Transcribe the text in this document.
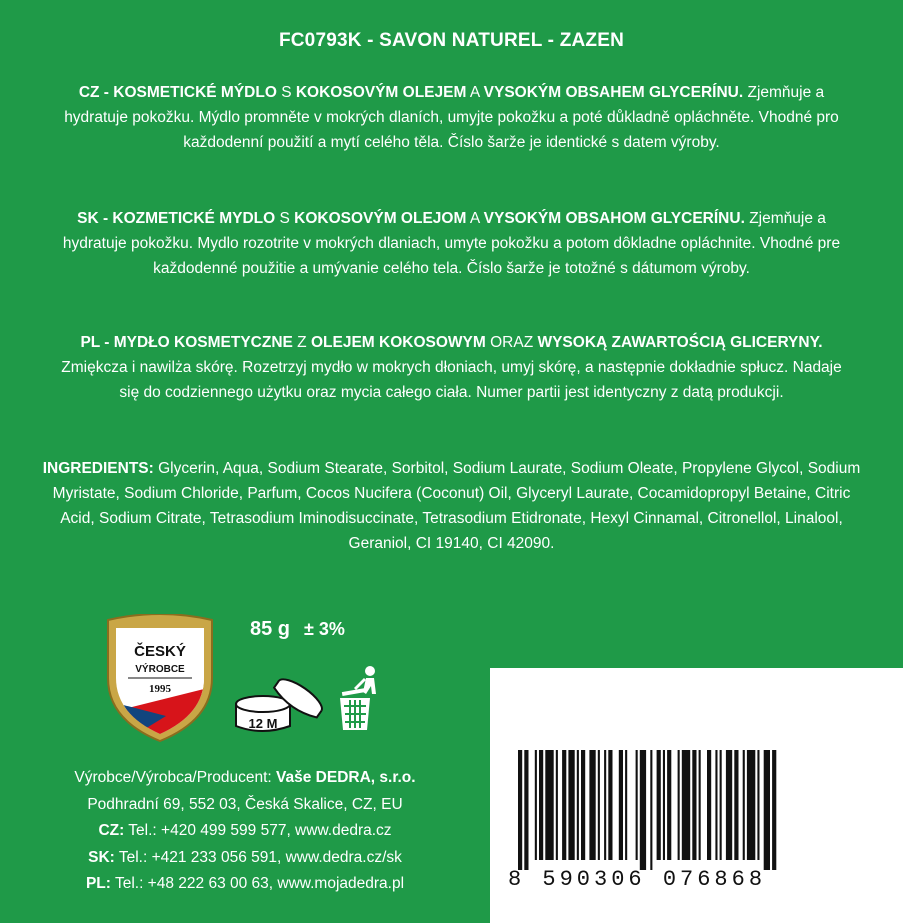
FC0793K - SAVON NATUREL - ZAZEN
CZ - KOSMETICKÉ MÝDLO S KOKOSOVÝM OLEJEM A VYSOKÝM OBSAHEM GLYCERÍNU. Zjemňuje a hydratuje pokožku. Mýdlo promněte v mokrých dlaních, umyjte pokožku a poté důkladně opláchněte. Vhodné pro každodenní použití a mytí celého těla. Číslo šarže je identické s datem výroby.
SK - KOZMETICKÉ MYDLO S KOKOSOVÝM OLEJOM A VYSOKÝM OBSAHOM GLYCERÍNU. Zjemňuje a hydratuje pokožku. Mydlo rozotrite v mokrých dlaniach, umyte pokožku a potom dôkladne opláchnite. Vhodné pre každodenné použitie a umývanie celého tela. Číslo šarže je totožné s dátumom výroby.
PL - MYDŁO KOSMETYCZNE Z OLEJEM KOKOSOWYM ORAZ WYSOKĄ ZAWARTOŚCIĄ GLICERYNY. Zmiękcza i nawilża skórę. Rozetrzyj mydło w mokrych dłoniach, umyj skórę, a następnie dokładnie spłucz. Nadaje się do codziennego użytku oraz mycia całego ciała. Numer partii jest identyczny z datą produkcji.
INGREDIENTS: Glycerin, Aqua, Sodium Stearate, Sorbitol, Sodium Laurate, Sodium Oleate, Propylene Glycol, Sodium Myristate, Sodium Chloride, Parfum, Cocos Nucifera (Coconut) Oil, Glyceryl Laurate, Cocamidopropyl Betaine, Citric Acid, Sodium Citrate, Tetrasodium Iminodisuccinate, Tetrasodium Etidronate, Hexyl Cinnamal, Citronellol, Linalool, Geraniol, CI 19140, CI 42090.
ČESKÝ
VÝROBCE
1995
85 g ± 3%
12 M
Výrobce/Výrobca/Producent: Vaše DEDRA, s.r.o.
Podhradní 69, 552 03, Česká Skalice, CZ, EU
CZ: Tel.: +420 499 599 577, www.dedra.cz
SK: Tel.: +421 233 056 591, www.dedra.cz/sk
PL: Tel.: +48 222 63 00 63, www.mojadedra.pl	8 590306 076868
